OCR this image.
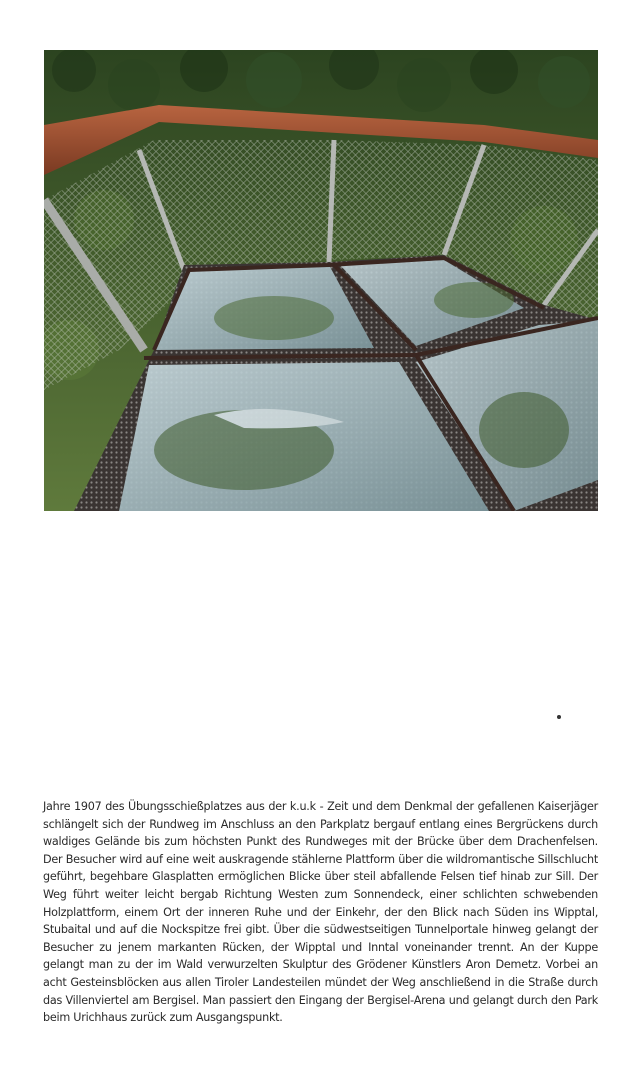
Jahre 1907 des Übungsschießplatzes aus der k.u.k - Zeit und dem Denkmal der gefallenen Kaiserjäger schlängelt sich der Rundweg im Anschluss an den Parkplatz bergauf entlang eines Bergrückens durch waldiges Gelände bis zum höchsten Punkt des Rundweges mit der Brücke über dem Drachenfelsen. Der Besucher wird auf eine weit auskragende stählerne Plattform über die wildromantische Sillschlucht geführt, begehbare Glasplatten ermöglichen Blicke über steil abfallende Felsen tief hinab zur Sill. Der Weg führt weiter leicht bergab Richtung Westen zum Sonnendeck, einer schlichten schwebenden Holzplattform, einem Ort der inneren Ruhe und der Einkehr, der den Blick nach Süden ins Wipptal, Stubaital und auf die Nockspitze frei gibt. Über die südwestseitigen Tunnelportale hinweg gelangt der Besucher zu jenem markanten Rücken, der Wipptal und Inntal voneinander trennt. An der Kuppe gelangt man zu der im Wald verwurzelten Skulptur des Grödener Künstlers Aron Demetz. Vorbei an acht Gesteinsblöcken aus allen Tiroler Landesteilen mündet der Weg anschließend in die Straße durch das Villenviertel am Bergisel. Man passiert den Eingang der Bergisel-Arena und gelangt durch den Park beim Urichhaus zurück zum Ausgangspunkt.
